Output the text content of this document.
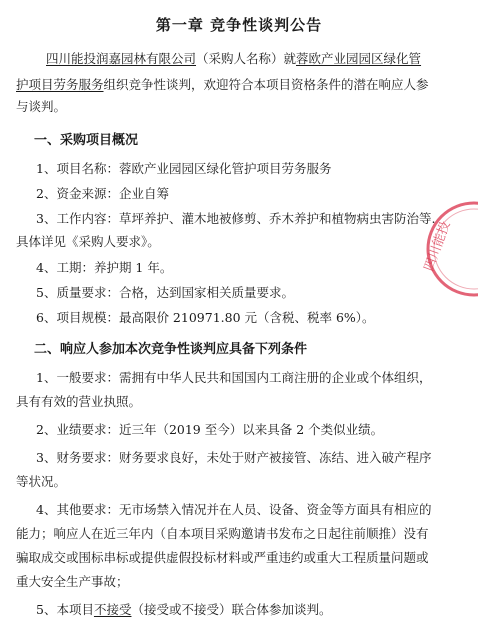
第一章 竞争性谈判公告
四川能投润嘉园林有限公司（采购人名称）就蓉欧产业园园区绿化管
护项目劳务服务组织竞争性谈判，欢迎符合本项目资格条件的潜在响应人参
与谈判。
一、采购项目概况
1、项目名称：蓉欧产业园园区绿化管护项目劳务服务
2、资金来源：企业自筹
3、工作内容：草坪养护、灌木地被修剪、乔木养护和植物病虫害防治等.
具体详见《采购人要求》。
4、工期：养护期 1 年。
5、质量要求：合格，达到国家相关质量要求。
6、项目规模：最高限价 210971.80 元（含税、税率 6%）。
二、响应人参加本次竞争性谈判应具备下列条件
1、一般要求：需拥有中华人民共和国国内工商注册的企业或个体组织，
具有有效的营业执照。
2、业绩要求：近三年（2019 至今）以来具备 2 个类似业绩。
3、财务要求：财务要求良好，未处于财产被接管、冻结、进入破产程序
等状况。
4、其他要求：无市场禁入情况并在人员、设备、资金等方面具有相应的
能力；响应人在近三年内（自本项目采购邀请书发布之日起往前顺推）没有
骗取成交或围标串标或提供虚假投标材料或严重违约或重大工程质量问题或
重大安全生产事故；
5、本项目不接受（接受或不接受）联合体参加谈判。
四川能投
